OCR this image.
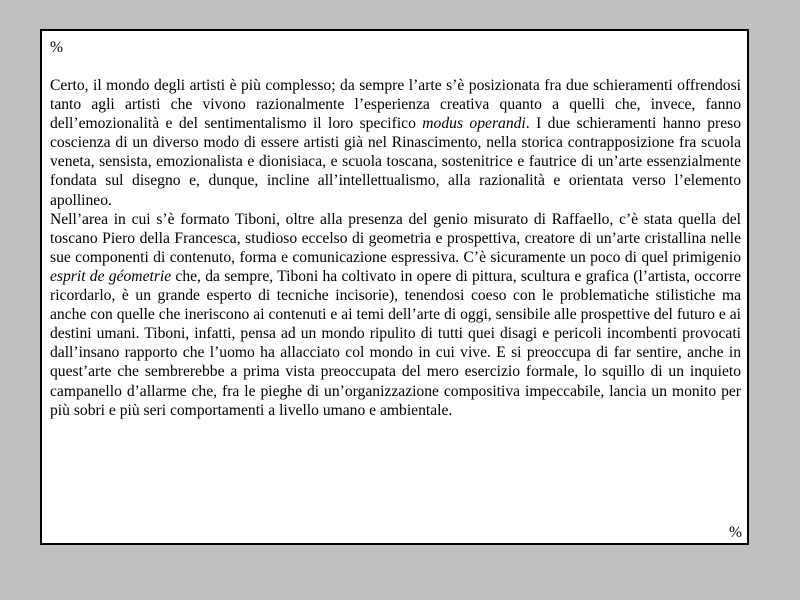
%

Certo, il mondo degli artisti è più complesso; da sempre l’arte s’è posizionata fra due schieramenti offrendosi tanto agli artisti che vivono razionalmente l’esperienza creativa quanto a quelli che, invece, fanno dell’emozionalità e del sentimentalismo il loro specifico modus operandi. I due schieramenti hanno preso coscienza di un diverso modo di essere artisti già nel Rinascimento, nella storica contrapposizione fra scuola veneta, sensista, emozionalista e dionisiaca, e scuola toscana, sostenitrice e fautrice di un’arte essenzialmente fondata sul disegno e, dunque, incline all’intellettualismo, alla razionalità e orientata verso l’elemento apollineo.

Nell’area in cui s’è formato Tiboni, oltre alla presenza del genio misurato di Raffaello, c’è stata quella del toscano Piero della Francesca, studioso eccelso di geometria e prospettiva, creatore di un’arte cristallina nelle sue componenti di contenuto, forma e comunicazione espressiva. C’è sicuramente un poco di quel primigenio esprit de géometrie che, da sempre, Tiboni ha coltivato in opere di pittura, scultura e grafica (l’artista, occorre ricordarlo, è un grande esperto di tecniche incisorie), tenendosi coeso con le problematiche stilistiche ma anche con quelle che ineriscono ai contenuti e ai temi dell’arte di oggi, sensibile alle prospettive del futuro e ai destini umani. Tiboni, infatti, pensa ad un mondo ripulito di tutti quei disagi e pericoli incombenti provocati dall’insano rapporto che l’uomo ha allacciato col mondo in cui vive. E si preoccupa di far sentire, anche in quest’arte che sembrerebbe a prima vista preoccupata del mero esercizio formale, lo squillo di un inquieto campanello d’allarme che, fra le pieghe di un’organizzazione compositiva impeccabile, lancia un monito per più sobri e più seri comportamenti a livello umano e ambientale.

%
